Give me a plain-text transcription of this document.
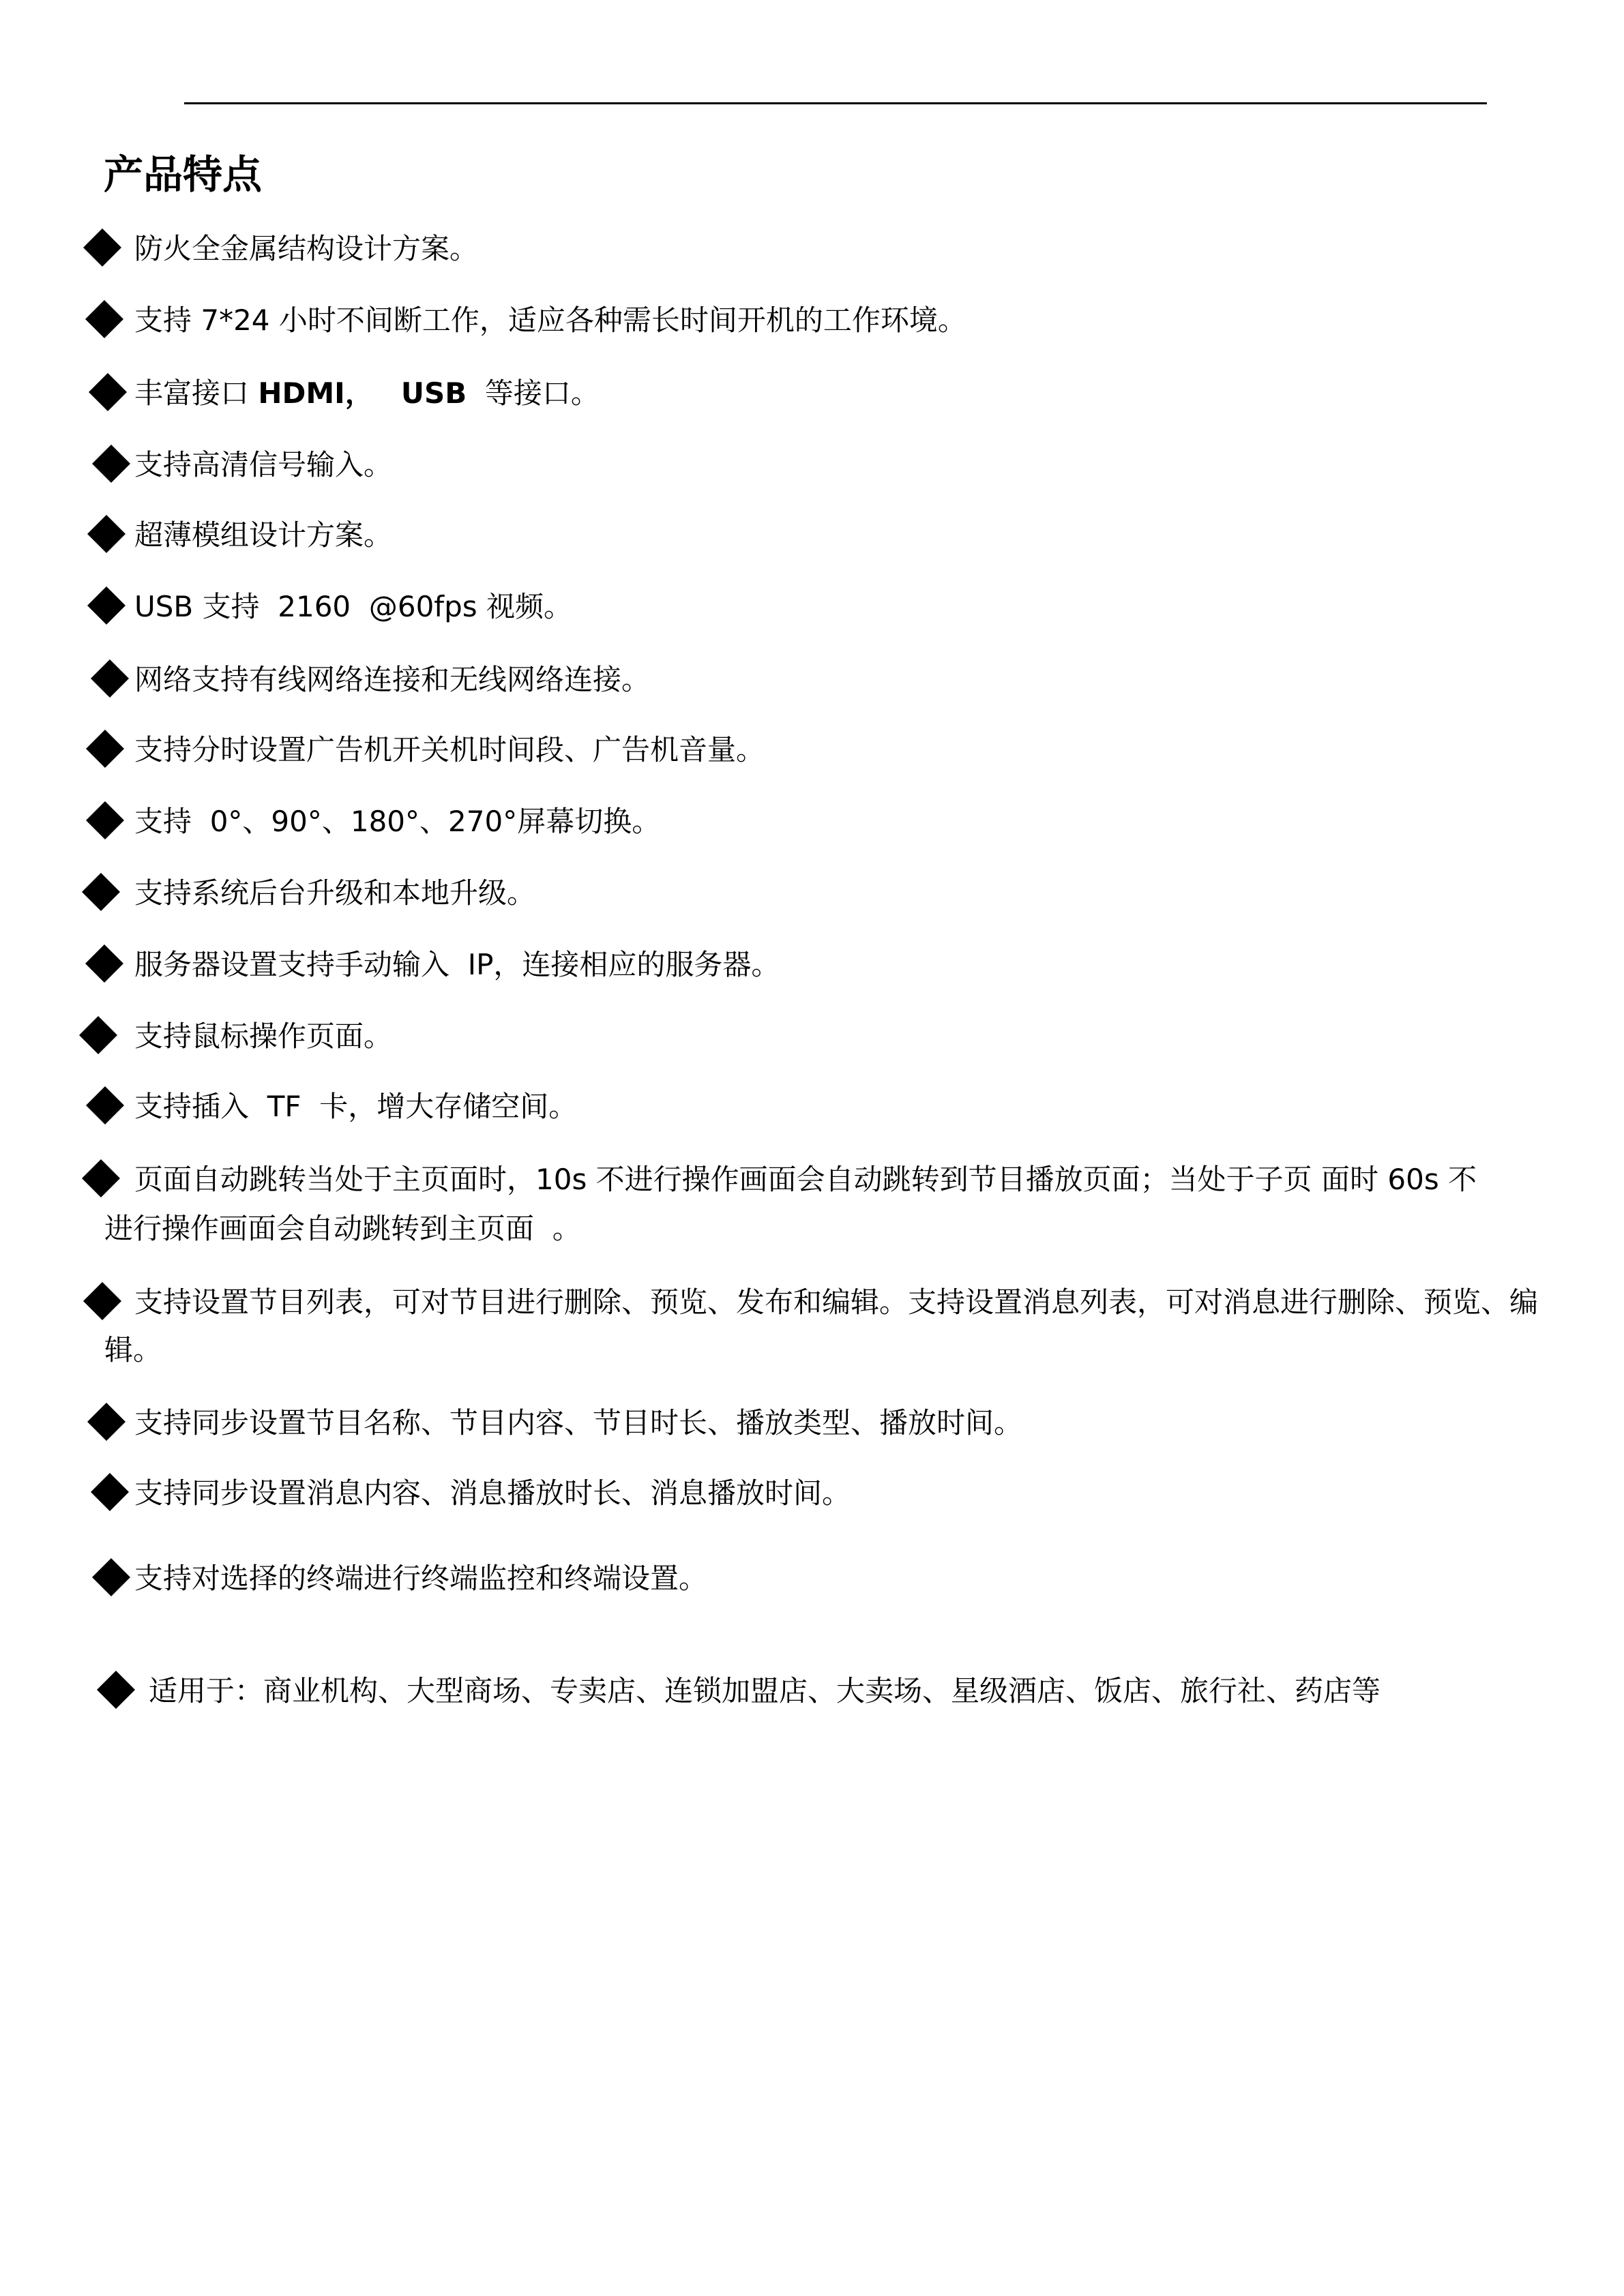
产品特点
防火全金属结构设计方案。
支持 7*24 小时不间断工作，适应各种需长时间开机的工作环境。
丰富接口 HDMI， USB  等接口。
支持高清信号输入。
超薄模组设计方案。
USB 支持  2160  @60fps 视频。
网络支持有线网络连接和无线网络连接。
支持分时设置广告机开关机时间段、广告机音量。
支持  0°、90°、180°、270°屏幕切换。
支持系统后台升级和本地升级。
服务器设置支持手动输入  IP，连接相应的服务器。
支持鼠标操作页面。
支持插入  TF  卡，增大存储空间。
页面自动跳转当处于主页面时，10s 不进行操作画面会自动跳转到节目播放页面；当处于子页 面时 60s 不
进行操作画面会自动跳转到主页面  。
支持设置节目列表，可对节目进行删除、预览、发布和编辑。支持设置消息列表，可对消息进行删除、预览、编
辑。
支持同步设置节目名称、节目内容、节目时长、播放类型、播放时间。
支持同步设置消息内容、消息播放时长、消息播放时间。
支持对选择的终端进行终端监控和终端设置。
适用于：商业机构、大型商场、专卖店、连锁加盟店、大卖场、星级酒店、饭店、旅行社、药店等
